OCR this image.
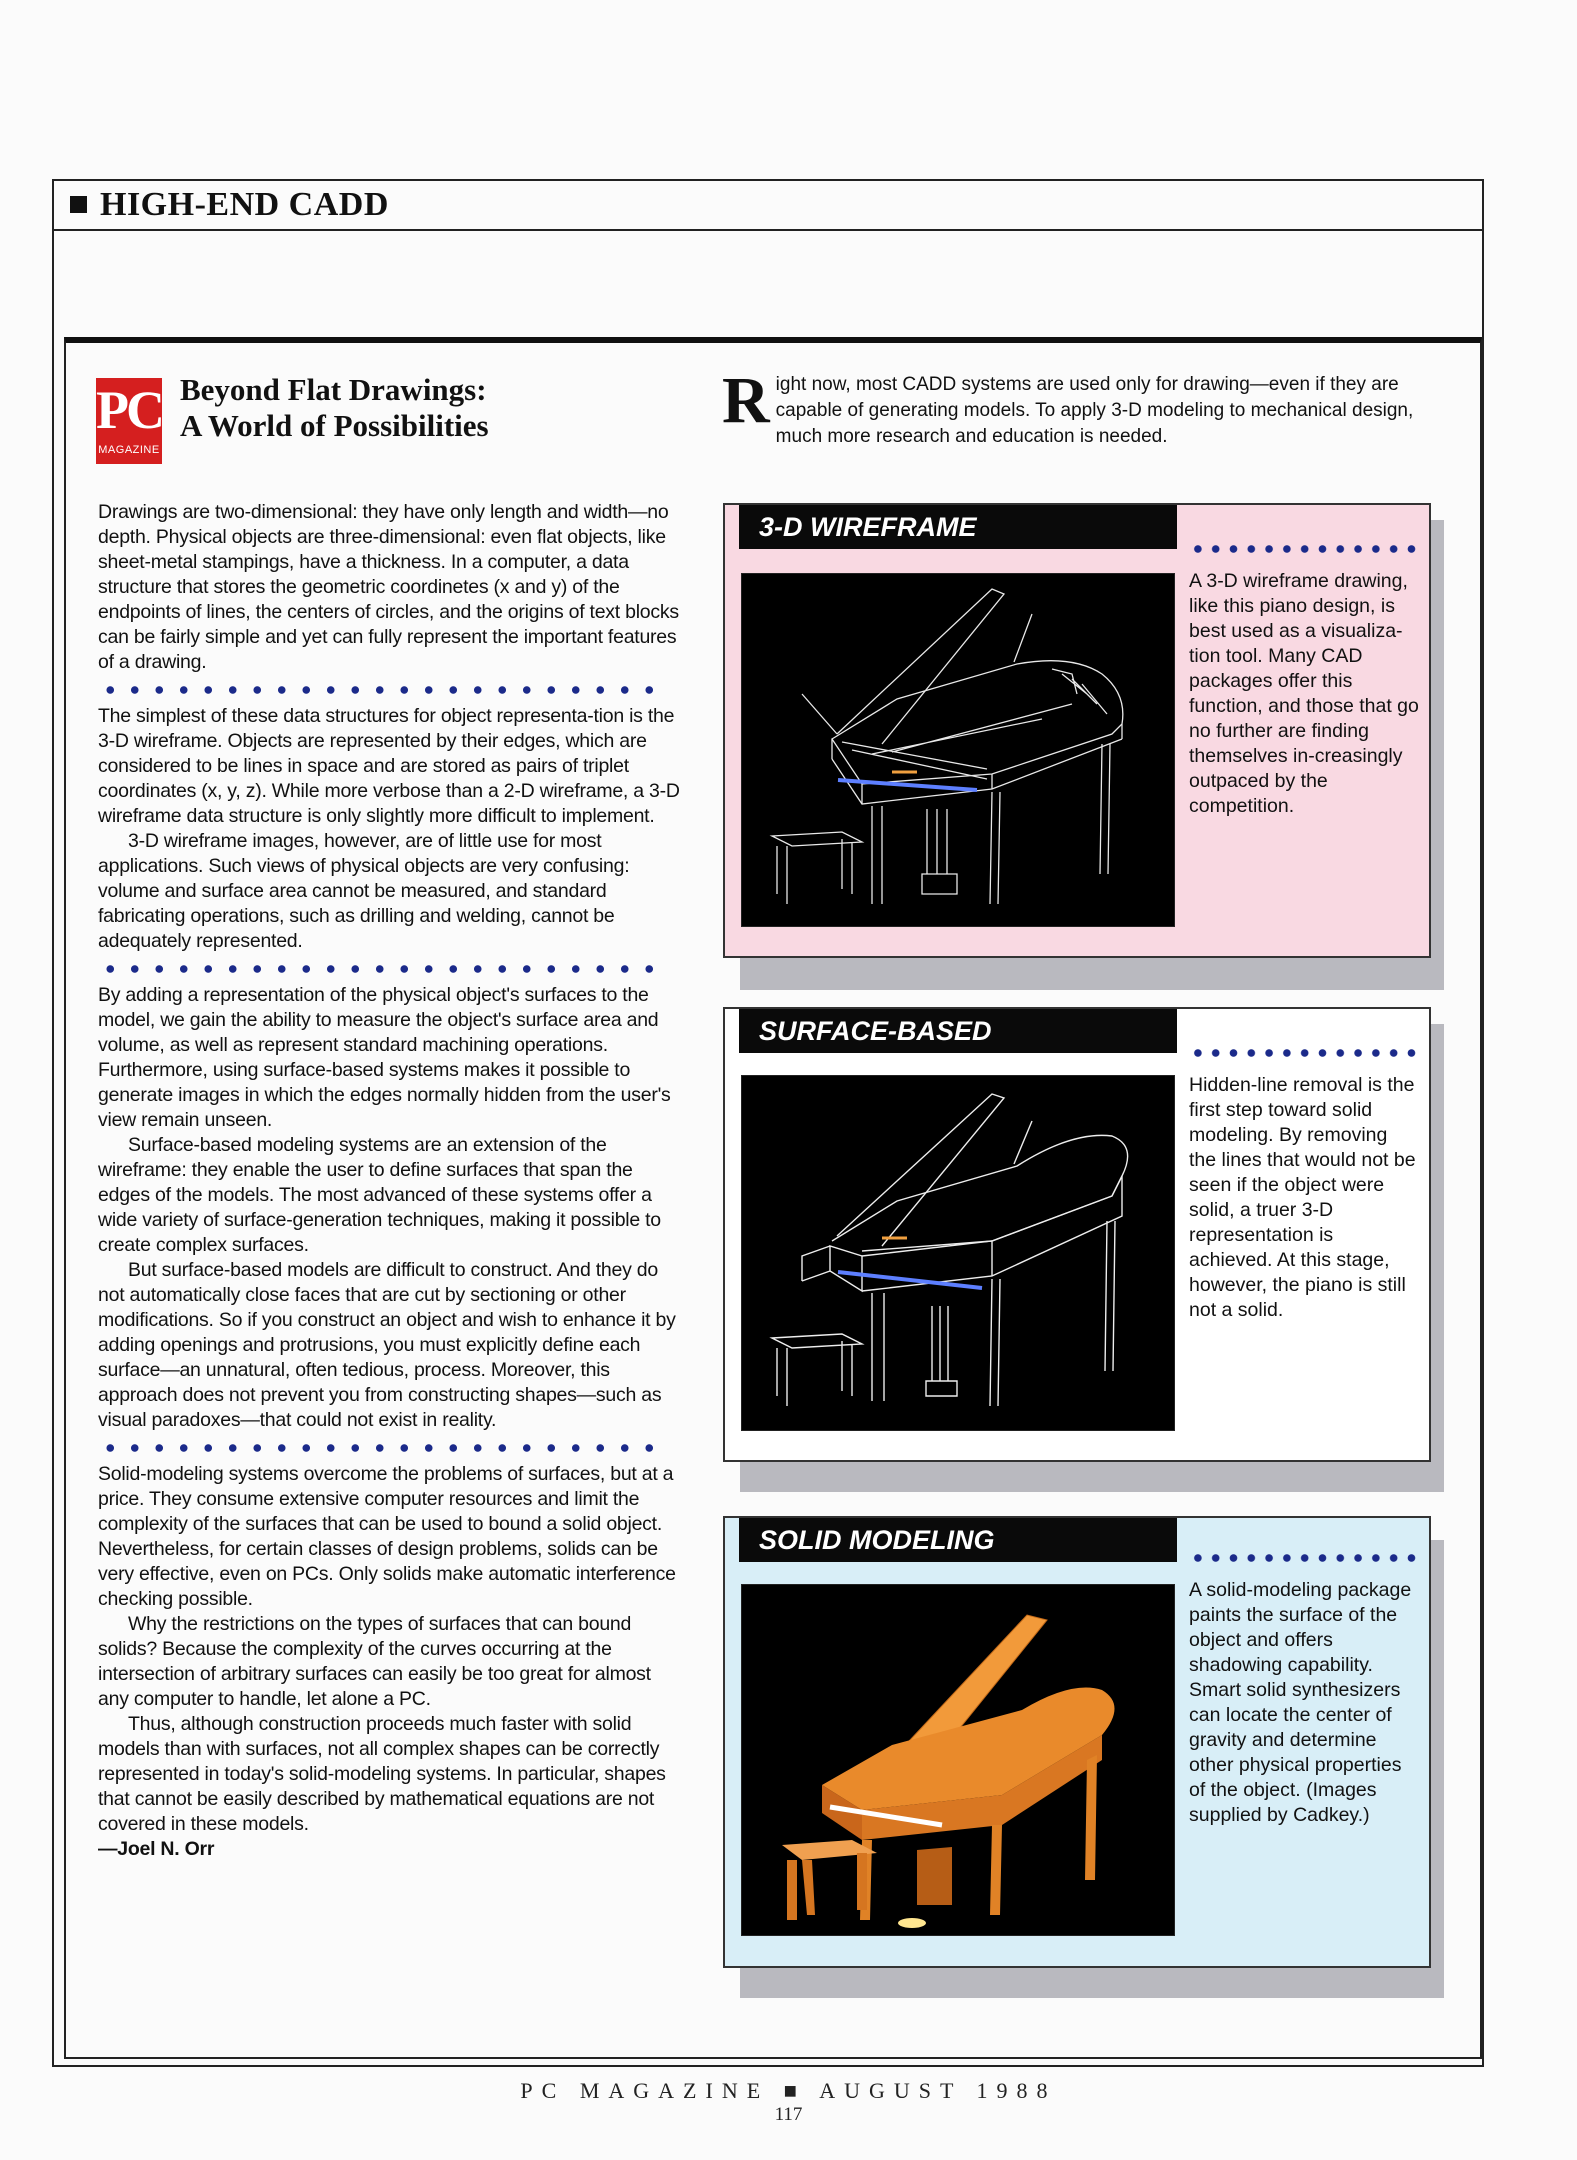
HIGH-END CADD
PC
MAGAZINE
Beyond Flat Drawings:
A World of Possibilities	R ight now, most CADD systems are used only for drawing—even if they are capable of generating models. To apply 3-D modeling to mechanical design, much more research and education is needed.

Drawings are two-dimensional: they have only length and width—no depth. Physical objects are three-dimensional: even flat objects, like sheet-metal stampings, have a thickness. In a computer, a data structure that stores the geometric coordinetes (x and y) of the endpoints of lines, the centers of circles, and the origins of text blocks can be fairly simple and yet can fully represent the important features of a drawing.

The simplest of these data structures for object representa-tion is the 3-D wireframe. Objects are represented by their edges, which are considered to be lines in space and are stored as pairs of triplet coordinates (x, y, z). While more verbose than a 2-D wireframe, a 3-D wireframe data structure is only slightly more difficult to implement.

3-D wireframe images, however, are of little use for most applications. Such views of physical objects are very confusing: volume and surface area cannot be measured, and standard fabricating operations, such as drilling and welding, cannot be adequately represented.

By adding a representation of the physical object's surfaces to the model, we gain the ability to measure the object's surface area and volume, as well as represent standard machining operations. Furthermore, using surface-based systems makes it possible to generate images in which the edges normally hidden from the user's view remain unseen.

Surface-based modeling systems are an extension of the wireframe: they enable the user to define surfaces that span the edges of the models. The most advanced of these systems offer a wide variety of surface-generation techniques, making it possible to create complex surfaces.

But surface-based models are difficult to construct. And they do not automatically close faces that are cut by sectioning or other modifications. So if you construct an object and wish to enhance it by adding openings and protrusions, you must explicitly define each surface—an unnatural, often tedious, process. Moreover, this approach does not prevent you from constructing shapes—such as visual paradoxes—that could not exist in reality.

Solid-modeling systems overcome the problems of surfaces, but at a price. They consume extensive computer resources and limit the complexity of the surfaces that can be used to bound a solid object. Nevertheless, for certain classes of design problems, solids can be very effective, even on PCs. Only solids make automatic interference checking possible.

Why the restrictions on the types of surfaces that can bound solids? Because the complexity of the curves occurring at the intersection of arbitrary surfaces can easily be too great for almost any computer to handle, let alone a PC.

Thus, although construction proceeds much faster with solid models than with surfaces, not all complex shapes can be correctly represented in today's solid-modeling systems. In particular, shapes that cannot be easily described by mathematical equations are not covered in these models.

—Joel N. Orr

3-D WIREFRAME
A 3-D wireframe drawing, like this piano design, is best used as a visualiza-tion tool. Many CAD packages offer this function, and those that go no further are finding themselves in-creasingly outpaced by the competition.
SURFACE-BASED
Hidden-line removal is the first step toward solid modeling. By removing the lines that would not be seen if the object were solid, a truer 3-D representation is achieved. At this stage, however, the piano is still not a solid.
SOLID MODELING
A solid-modeling package paints the surface of the object and offers shadowing capability. Smart solid synthesizers can locate the center of gravity and determine other physical properties of the object. (Images supplied by Cadkey.)
PC MAGAZINE ■ AUGUST 1988
117
